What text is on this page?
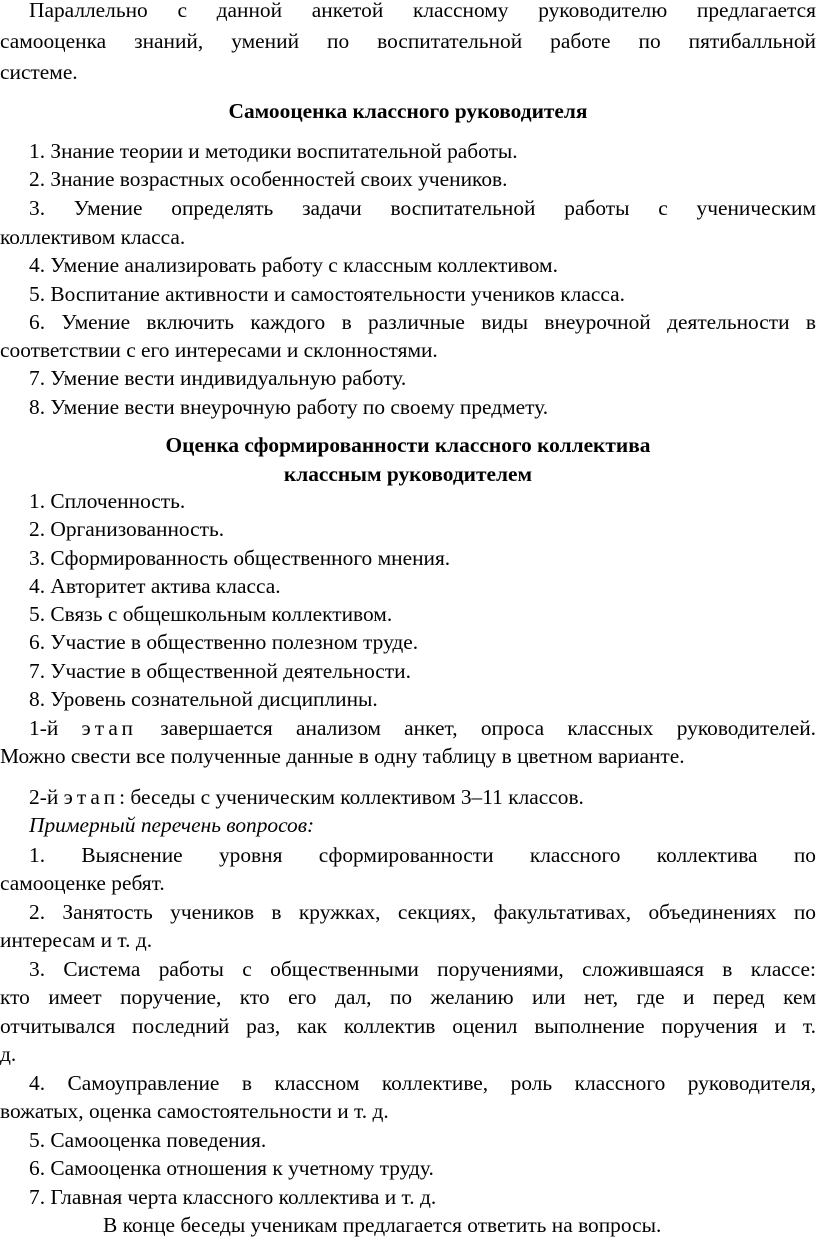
Параллельно с данной анкетой классному руководителю предлагается
самооценка знаний, умений по воспитательной работе по пятибалльной
системе.
Самооценка классного руководителя
1. Знание теории и методики воспитательной работы.
2. Знание возрастных особенностей своих учеников.
3. Умение определять задачи воспитательной работы с ученическим
коллективом класса.
4. Умение анализировать работу с классным коллективом.
5. Воспитание активности и самостоятельности учеников класса.
6. Умение включить каждого в различные виды внеурочной деятельности в
соответствии с его интересами и склонностями.
7. Умение вести индивидуальную работу.
8. Умение вести внеурочную работу по своему предмету.
Оценка сформированности классного коллектива
классным руководителем
1. Сплоченность.
2. Организованность.
3. Сформированность общественного мнения.
4. Авторитет актива класса.
5. Связь с общешкольным коллективом.
6. Участие в общественно полезном труде.
7. Участие в общественной деятельности.
8. Уровень сознательной дисциплины.
1-й этап завершается анализом анкет, опроса классных руководителей.
Можно свести все полученные данные в одну таблицу в цветном варианте.
2-й этап: беседы с ученическим коллективом 3–11 классов.
Примерный перечень вопросов:
1. Выяснение уровня сформированности классного коллектива по
самооценке ребят.
2. Занятость учеников в кружках, секциях, факультативах, объединениях по
интересам и т. д.
3. Система работы с общественными поручениями, сложившаяся в классе:
кто имеет поручение, кто его дал, по желанию или нет, где и перед кем
отчитывался последний раз, как коллектив оценил выполнение поручения и т.
д.
4. Самоуправление в классном коллективе, роль классного руководителя,
вожатых, оценка самостоятельности и т. д.
5. Самооценка поведения.
6. Самооценка отношения к учетному труду.
7. Главная черта классного коллектива и т. д.
В конце беседы ученикам предлагается ответить на вопросы.
